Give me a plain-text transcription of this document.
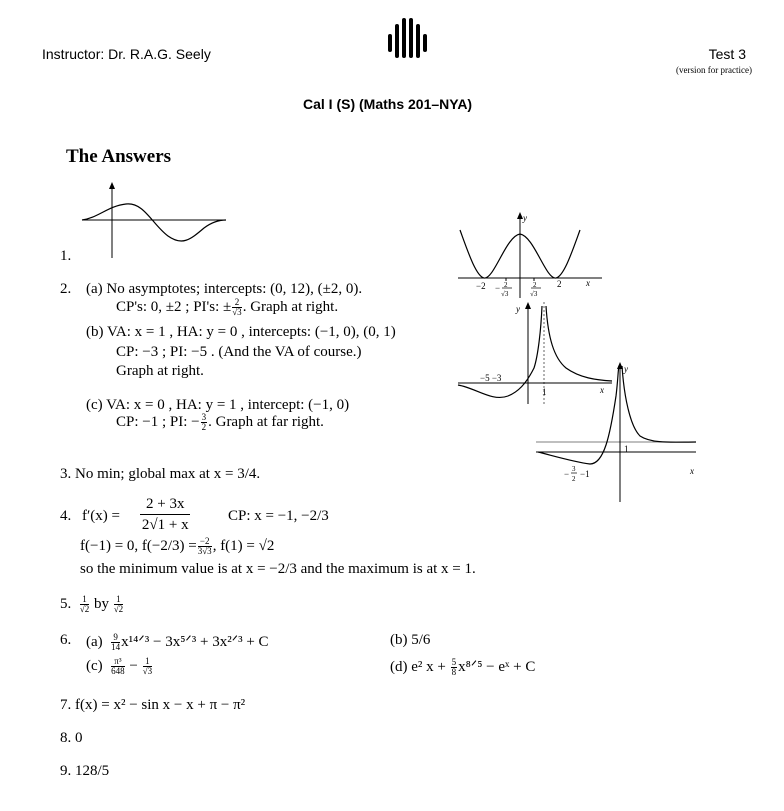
Instructor: Dr. R.A.G. Seely	Test 3
(version for practice)
Cal I (S) (Maths 201–NYA)
The Answers
1.
2. (a) No asymptotes; intercepts: (0, 12), (±2, 0).
CP's: 0, ±2 ; PI's: ± $\frac{2}{√3}$ . Graph at right.
(b) VA: x = 1 , HA: y = 0 , intercepts: (−1, 0), (0, 1)
CP: −3 ; PI: −5 . (And the VA of course.)
Graph at right.
(c) VA: x = 0 , HA: y = 1 , intercept: (−1, 0)
CP: −1 ; PI: − $\frac{3}{2}$ . Graph at far right.
y
x
−2	2
− 2
√3
2
√3
y
x
−5 −3
1
y
x
1
− 3
2 −1
3. No min; global max at x = 3/4.
4. $f'(x) = \frac{2 + 3x}{2√1 + x}$	CP: x = −1, −2/3
f(−1) = 0, $f(-2/3) = \frac{-2}{3√3}$ , f(1) = √2
so the minimum value is at x = −2/3 and the maximum is at x = 1.
5. $\frac{1}{√2}$ by $\frac{1}{√2}$
6. $(a) \frac{9}{14}$ x¹⁴ᐟ³ − 3x⁵ᐟ³ + 3x²ᐟ³ + C	(b) 5/6
$(c) \frac{\text{π³}}{648} - \frac{1}{√3}$	(d) e² $x + \frac{5}{8}$ x⁸ᐟ⁵ − eˣ + C
7. f(x) = x² − sin x − x + π − π²
8. 0
9. 128/5
